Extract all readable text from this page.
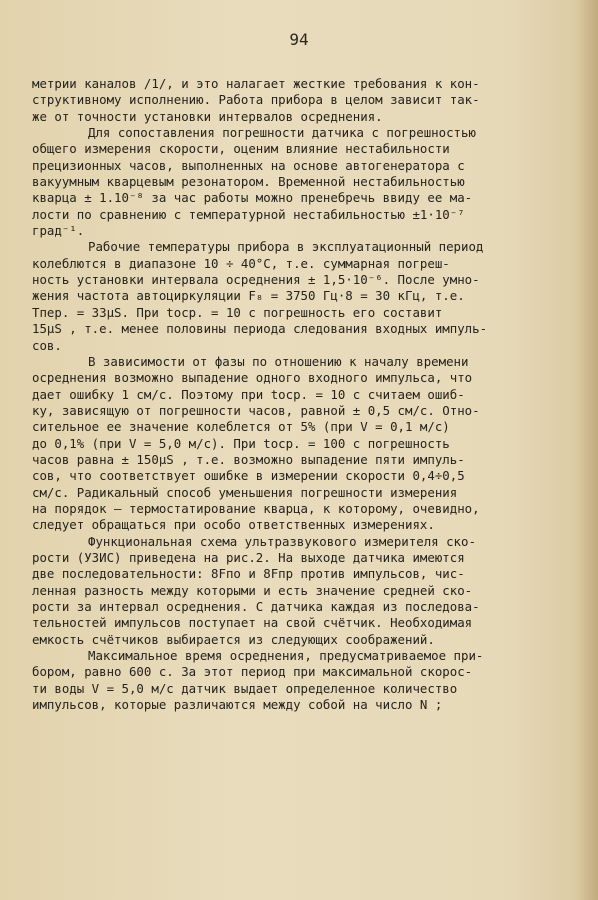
94
метрии каналов /1/, и это налагает жесткие требования к кон-
структивному исполнению. Работа прибора в целом зависит так-
же от точности установки интервалов осреднения.
Для сопоставления погрешности датчика с погрешностью
общего измерения скорости, оценим влияние нестабильности
прецизионных часов, выполненных на основе автогенератора с
вакуумным кварцевым резонатором. Временной нестабильностью
кварца ± 1.10⁻⁸ за час работы можно пренебречь ввиду ее ма-
лости по сравнению с температурной нестабильностью ±1·10⁻⁷
град⁻¹.
Рабочие температуры прибора в эксплуатационный период
колеблются в диапазоне 10 ÷ 40°C, т.е. суммарная погреш-
ность установки интервала осреднения ± 1,5·10⁻⁶. После умно-
жения частота автоциркуляции F₈ = 3750 Гц·8 = 30 кГц, т.е.
Tпер. = 33μS. При tоср. = 10 с погрешность его составит
15μS , т.е. менее половины периода следования входных импуль-
сов.
В зависимости от фазы по отношению к началу времени
осреднения возможно выпадение одного входного импульса, что
дает ошибку 1 см/с. Поэтому при tоср. = 10 с считаем ошиб-
ку, зависящую от погрешности часов, равной ± 0,5 см/с. Отно-
сительное ее значение колеблется от 5% (при V = 0,1 м/с)
до 0,1% (при V = 5,0 м/с). При tоср. = 100 с погрешность
часов равна ± 150μS , т.е. возможно выпадение пяти импуль-
сов, что соответствует ошибке в измерении скорости 0,4÷0,5
см/с. Радикальный способ уменьшения погрешности измерения
на порядок – термостатирование кварца, к которому, очевидно,
следует обращаться при особо ответственных измерениях.
Функциональная схема ультразвукового измерителя ско-
рости (УЗИС) приведена на рис.2. На выходе датчика имеются
две последовательности: 8Fпо и 8Fпр против импульсов, чис-
ленная разность между которыми и есть значение средней ско-
рости за интервал осреднения. С датчика каждая из последова-
тельностей импульсов поступает на свой счётчик. Необходимая
емкость счётчиков выбирается из следующих соображений.
Максимальное время осреднения, предусматриваемое при-
бором, равно 600 с. За этот период при максимальной скорос-
ти воды V = 5,0 м/с датчик выдает определенное количество
импульсов, которые различаются между собой на число N ;
